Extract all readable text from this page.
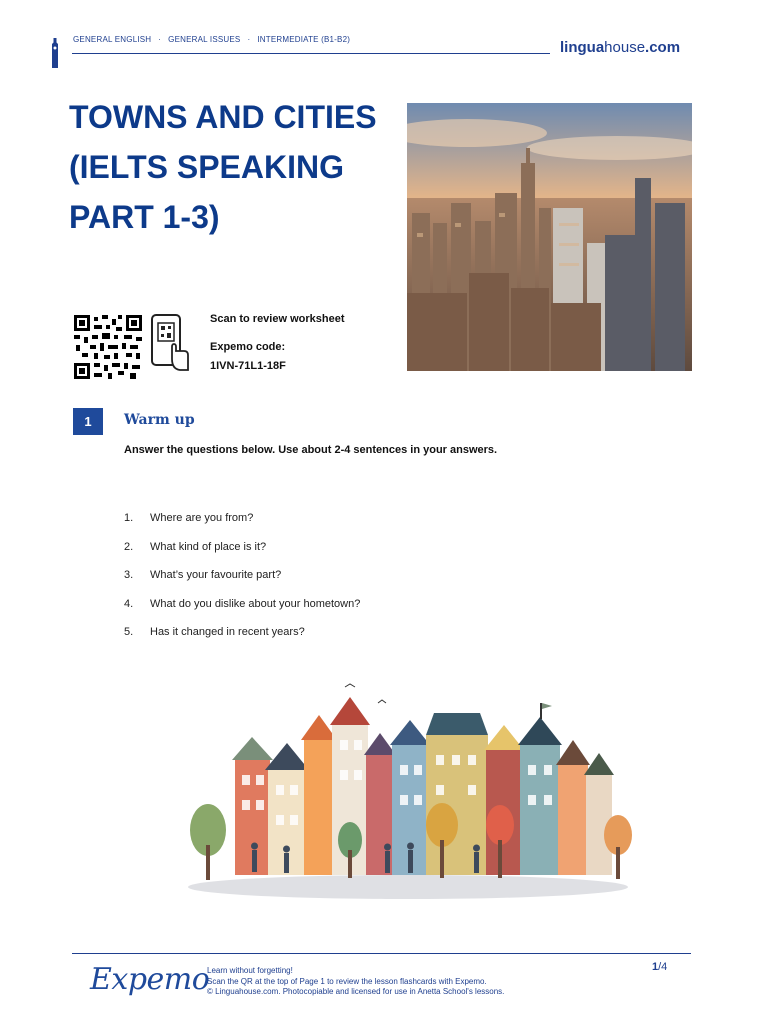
GENERAL ENGLISH · GENERAL ISSUES · INTERMEDIATE (B1-B2)	linguahouse.com
TOWNS AND CITIES (IELTS SPEAKING PART 1-3)
Scan to review worksheet
Expemo code:
1IVN-71L1-18F
1	Warm up
Answer the questions below. Use about 2-4 sentences in your answers.
1.	Where are you from?
2.	What kind of place is it?
3.	What’s your favourite part?
4.	What do you dislike about your hometown?
5.	Has it changed in recent years?
Expemo
Learn without forgetting!
Scan the QR at the top of Page 1 to review the lesson flashcards with Expemo.
© Linguahouse.com. Photocopiable and licensed for use in Anetta School's lessons.
1/4
